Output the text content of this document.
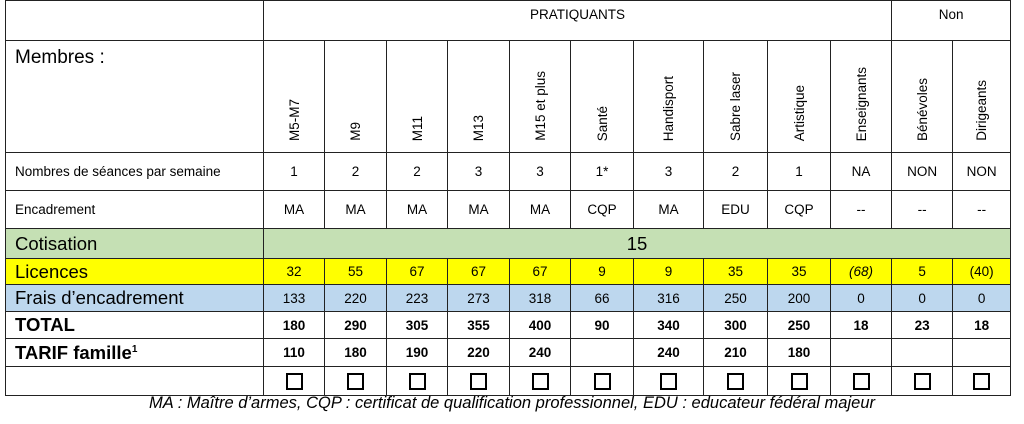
	PRATIQUANTS										Non	
Membres :	M5-M7	M9	M11	M13	M15 et plus	Santé	Handisport	Sabre laser	Artistique	Enseignants	Bénévoles	Dirigeants
Nombres de séances par semaine	1	2	2	3	3	1*	3	2	1	NA	NON	NON
Encadrement	MA	MA	MA	MA	MA	CQP	MA	EDU	CQP	--	--	--
Cotisation	15											
Licences	32	55	67	67	67	9	9	35	35	(68)	5	(40)
Frais d’encadrement	133	220	223	273	318	66	316	250	200	0	0	0
TOTAL	180	290	305	355	400	90	340	300	250	18	23	18
TARIF famille$^1$	110	180	190	220	240		240	210	180			

MA : Maître d’armes, CQP : certificat de qualification professionnel, EDU : educateur fédéral majeur
